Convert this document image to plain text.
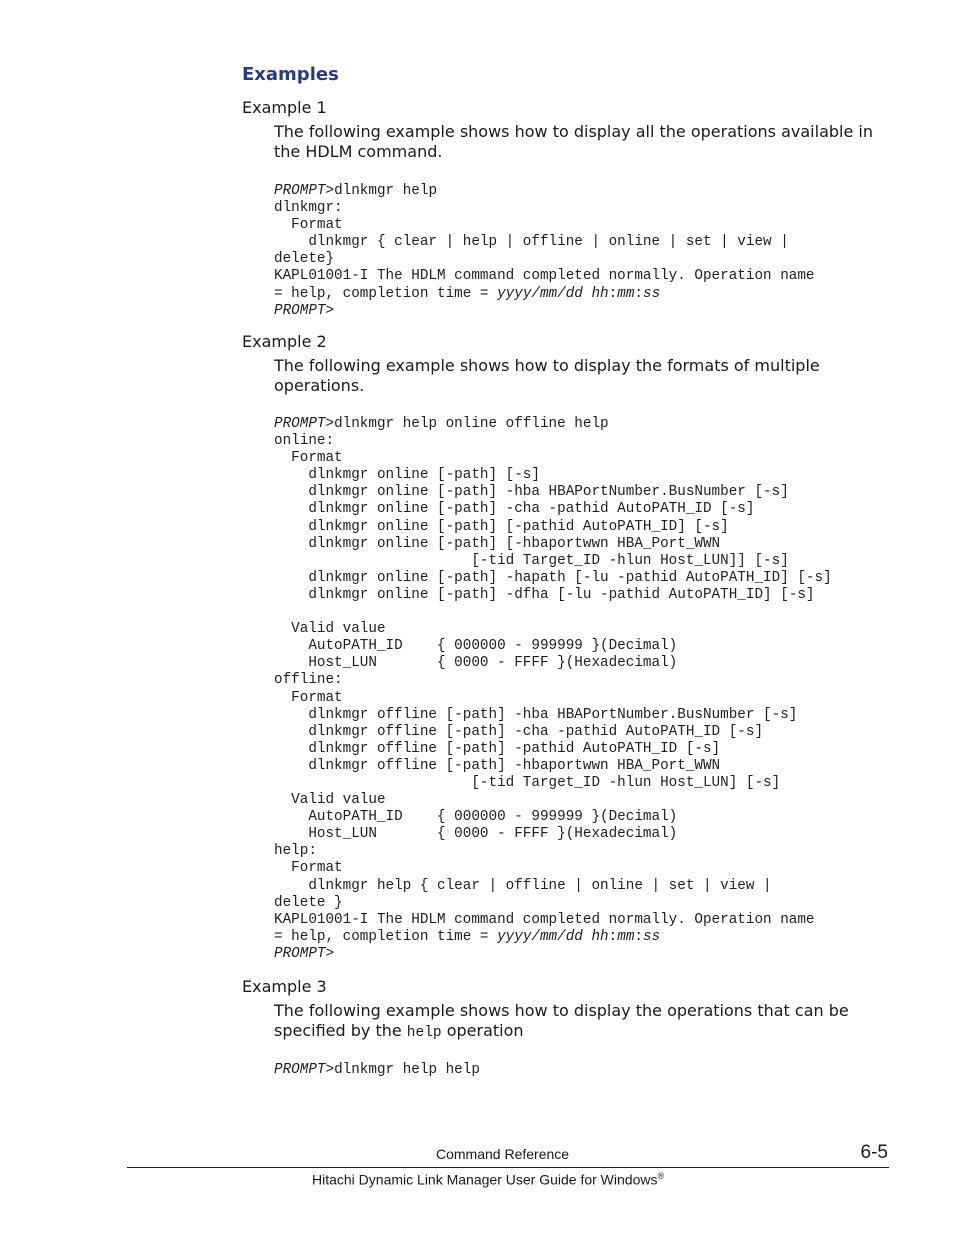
Examples
Example 1

The following example shows how to display all the operations available in the HDLM command.

PROMPT>dlnkmgr help
dlnkmgr:
Format
dlnkmgr { clear | help | offline | online | set | view |
delete}
KAPL01001-I The HDLM command completed normally. Operation name
= help, completion time = yyyy/mm/dd hh:mm:ss
PROMPT>
Example 2

The following example shows how to display the formats of multiple operations.

PROMPT>dlnkmgr help online offline help
online:
Format
dlnkmgr online [-path] [-s]
dlnkmgr online [-path] -hba HBAPortNumber.BusNumber [-s]
dlnkmgr online [-path] -cha -pathid AutoPATH_ID [-s]
dlnkmgr online [-path] [-pathid AutoPATH_ID] [-s]
dlnkmgr online [-path] [-hbaportwwn HBA_Port_WWN
[-tid Target_ID -hlun Host_LUN]] [-s]
dlnkmgr online [-path] -hapath [-lu -pathid AutoPATH_ID] [-s]
dlnkmgr online [-path] -dfha [-lu -pathid AutoPATH_ID] [-s]

Valid value
AutoPATH_ID    { 000000 - 999999 }(Decimal)
Host_LUN       { 0000 - FFFF }(Hexadecimal)
offline:
Format
dlnkmgr offline [-path] -hba HBAPortNumber.BusNumber [-s]
dlnkmgr offline [-path] -cha -pathid AutoPATH_ID [-s]
dlnkmgr offline [-path] -pathid AutoPATH_ID [-s]
dlnkmgr offline [-path] -hbaportwwn HBA_Port_WWN
[-tid Target_ID -hlun Host_LUN] [-s]
Valid value
AutoPATH_ID    { 000000 - 999999 }(Decimal)
Host_LUN       { 0000 - FFFF }(Hexadecimal)
help:
Format
dlnkmgr help { clear | offline | online | set | view |
delete }
KAPL01001-I The HDLM command completed normally. Operation name
= help, completion time = yyyy/mm/dd hh:mm:ss
PROMPT>
Example 3

The following example shows how to display the operations that can be specified by the help operation

PROMPT>dlnkmgr help help
Command Reference	6-5
Hitachi Dynamic Link Manager User Guide for Windows®
